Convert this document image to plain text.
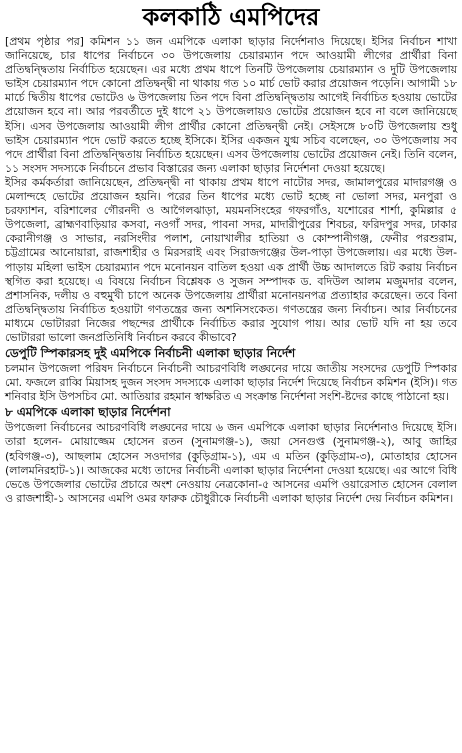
কলকাঠি এমপিদের

[প্রথম পৃষ্ঠার পর] কমিশন ১১ জন এমপিকে এলাকা ছাড়ার নির্দেশনাও দিয়েছে। ইসির নির্বাচন শাখা জানিয়েছে, চার ধাপের নির্বাচনে ৩০ উপজেলায় চেয়ারম্যান পদে আওয়ামী লীগের প্রার্থীরা বিনা প্রতিদ্বন্দ্বিতায় নির্বাচিত হয়েছেন। এর মধ্যে প্রথম ধাপে তিনটি উপজেলায় চেয়ারম্যান ও দুটি উপজেলায় ভাইস চেয়ারম্যান পদে কোনো প্রতিদ্বন্দ্বী না থাকায় গত ১০ মার্চ ভোট করার প্রয়োজন পড়েনি। আগামী ১৮ মার্চে দ্বিতীয় ধাপের ভোটেও ৬ উপজেলায় তিন পদে বিনা প্রতিদ্বন্দ্বিতায় আগেই নির্বাচিত হওয়ায় ভোটের প্রয়োজন হবে না। আর পরবর্তীতে দুই ধাপে ২১ উপজেলায়ও ভোটের প্রয়োজন হবে না বলে জানিয়েছে ইসি। এসব উপজেলায় আওয়ামী লীগ প্রার্থীর কোনো প্রতিদ্বন্দ্বী নেই। সেইসঙ্গে ৮০টি উপজেলায় শুধু ভাইস চেয়ারম্যান পদে ভোট করতে হচ্ছে ইসিকে। ইসির একজন যুগ্ম সচিব বলেছেন, ৩০ উপজেলায় সব পদে প্রার্থীরা বিনা প্রতিদ্বন্দ্বিতায় নির্বাচিত হয়েছেন। এসব উপজেলায় ভোটের প্রয়োজন নেই। তিনি বলেন, ১১ সংসদ সদস্যকে নির্বাচনে প্রভাব বিস্তারের জন্য এলাকা ছাড়ার নির্দেশনা দেওয়া হয়েছে।

ইসির কর্মকর্তারা জানিয়েছেন, প্রতিদ্বন্দ্বী না থাকায় প্রথম ধাপে নাটোর সদর, জামালপুরের মাদারগঞ্জ ও মেলান্দহে ভোটের প্রয়োজন হয়নি। পরের তিন ধাপের মধ্যে ভোট হচ্ছে না ভোলা সদর, মনপুরা ও চরফ্যাশন, বরিশালের গৌরনদী ও আগৈলঝাড়া, ময়মনসিংহের গফরগাঁও, যশোরের শার্শা, কুমিল্লার ৫ উপজেলা, ব্রাহ্মণবাড়িয়ার কসবা, নওগাঁ সদর, পাবনা সদর, মাদারীপুরের শিবচর, ফরিদপুর সদর, ঢাকার কেরানীগঞ্জ ও সাভার, নরসিংদীর পলাশ, নোয়াখালীর হাতিয়া ও কোম্পানীগঞ্জ, ফেনীর পরশুরাম, চট্টগ্রামের আনোয়ারা, রাজশাহীর ও মিরসরাই এবং সিরাজগঞ্জের উল-পাড়া উপজেলায়। এর মধ্যে উল-পাড়ায় মহিলা ভাইস চেয়ারম্যান পদে মনোনয়ন বাতিল হওয়া এক প্রার্থী উচ্চ আদালতে রিট করায় নির্বাচন স্থগিত করা হয়েছে। এ বিষয়ে নির্বাচন বিশ্লেষক ও সুজন সম্পাদক ড. বদিউল আলম মজুমদার বলেন, প্রশাসনিক, দলীয় ও বহুমুখী চাপে অনেক উপজেলায় প্রার্থীরা মনোনয়নপত্র প্রত্যাহার করেছেন। তবে বিনা প্রতিদ্বন্দ্বিতায় নির্বাচিত হওয়াটা গণতন্ত্রের জন্য অশনিসংকেত। গণতন্ত্রের জন্য নির্বাচন। আর নির্বাচনের মাধ্যমে ভোটাররা নিজের পছন্দের প্রার্থীকে নির্বাচিত করার সুযোগ পায়। আর ভোট যদি না হয় তবে ভোটাররা ভালো জনপ্রতিনিধি নির্বাচন করবে কীভাবে?

ডেপুটি স্পিকারসহ দুই এমপিকে নির্বাচনী এলাকা ছাড়ার নির্দেশ

চলমান উপজেলা পরিষদ নির্বাচনে নির্বাচনী আচরণবিধি লঙ্ঘনের দায়ে জাতীয় সংসদের ডেপুটি স্পিকার মো. ফজলে রাব্বি মিয়াসহ দুজন সংসদ সদস্যকে এলাকা ছাড়ার নির্দেশ দিয়েছে নির্বাচন কমিশন (ইসি)। গত শনিবার ইসি উপসচিব মো. আতিয়ার রহমান স্বাক্ষরিত এ সংক্রান্ত নির্দেশনা সংশি-ষ্টদের কাছে পাঠানো হয়।

৮ এমপিকে এলাকা ছাড়ার নির্দেশনা

উপজেলা নির্বাচনের আচরণবিধি লঙ্ঘনের দায়ে ৬ জন এমপিকে এলাকা ছাড়ার নির্দেশনাও দিয়েছে ইসি। তারা হলেন- মোয়াজ্জেম হোসেন রতন (সুনামগঞ্জ-১), জয়া সেনগুপ্ত (সুনামগঞ্জ-২), আবু জাহির (হবিগঞ্জ-৩), আছলাম হোসেন সওদাগর (কুড়িগ্রাম-১), এম এ মতিন (কুড়িগ্রাম-৩), মোতাহার হোসেন (লালমনিরহাট-১)। আজকের মধ্যে তাদের নির্বাচনী এলাকা ছাড়ার নির্দেশনা দেওয়া হয়েছে। এর আগে বিধি ভেঙে উপজেলার ভোটের প্রচারে অংশ নেওয়ায় নেত্রকোনা-৫ আসনের এমপি ওয়ারেসাত হোসেন বেলাল ও রাজশাহী-১ আসনের এমপি ওমর ফারুক চৌধুরীকে নির্বাচনী এলাকা ছাড়ার নির্দেশ দেয় নির্বাচন কমিশন।
